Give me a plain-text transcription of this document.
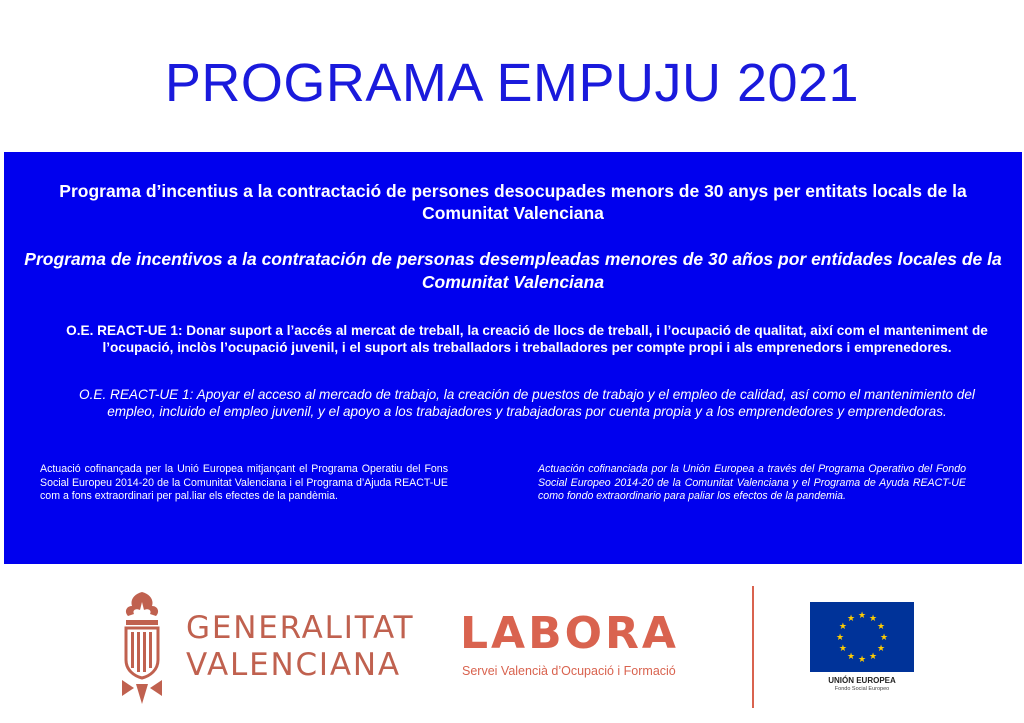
PROGRAMA EMPUJU 2021
Programa d’incentius a la contractació de persones desocupades menors de 30 anys per entitats locals de la Comunitat Valenciana
Programa de incentivos a la contratación de personas desempleadas menores de 30 años por entidades locales de la Comunitat Valenciana
O.E. REACT-UE 1: Donar suport a l’accés al mercat de treball, la creació de llocs de treball, i l’ocupació de qualitat, així com el manteniment de l’ocupació, inclòs l’ocupació juvenil, i el suport als treballadors i treballadores per compte propi i als emprenedors i emprenedores.
O.E. REACT-UE 1: Apoyar el acceso al mercado de trabajo, la creación de puestos de trabajo y el empleo de calidad, así como el mantenimiento del empleo, incluido el empleo juvenil, y el apoyo a los trabajadores y trabajadoras por cuenta propia y a los emprendedores y emprendedoras.
Actuació cofinançada per la Unió Europea mitjançant el Programa Operatiu del Fons Social Europeu 2014-20 de la Comunitat Valenciana i el Programa d’Ajuda REACT-UE com a fons extraordinari per pal.liar els efectes de la pandèmia.
Actuación cofinanciada por la Unión Europea a través del Programa Operativo del Fondo Social Europeo 2014-20 de la Comunitat Valenciana y el Programa de Ayuda REACT-UE como fondo extraordinario para paliar los efectos de la pandemia.
GENERALITAT
VALENCIANA
LABORA
Servei Valencià d’Ocupació i Formació
★ ★
★
★
★
★
★
★
★
★
★
★
UNIÓN EUROPEA
Fondo Social Europeo
